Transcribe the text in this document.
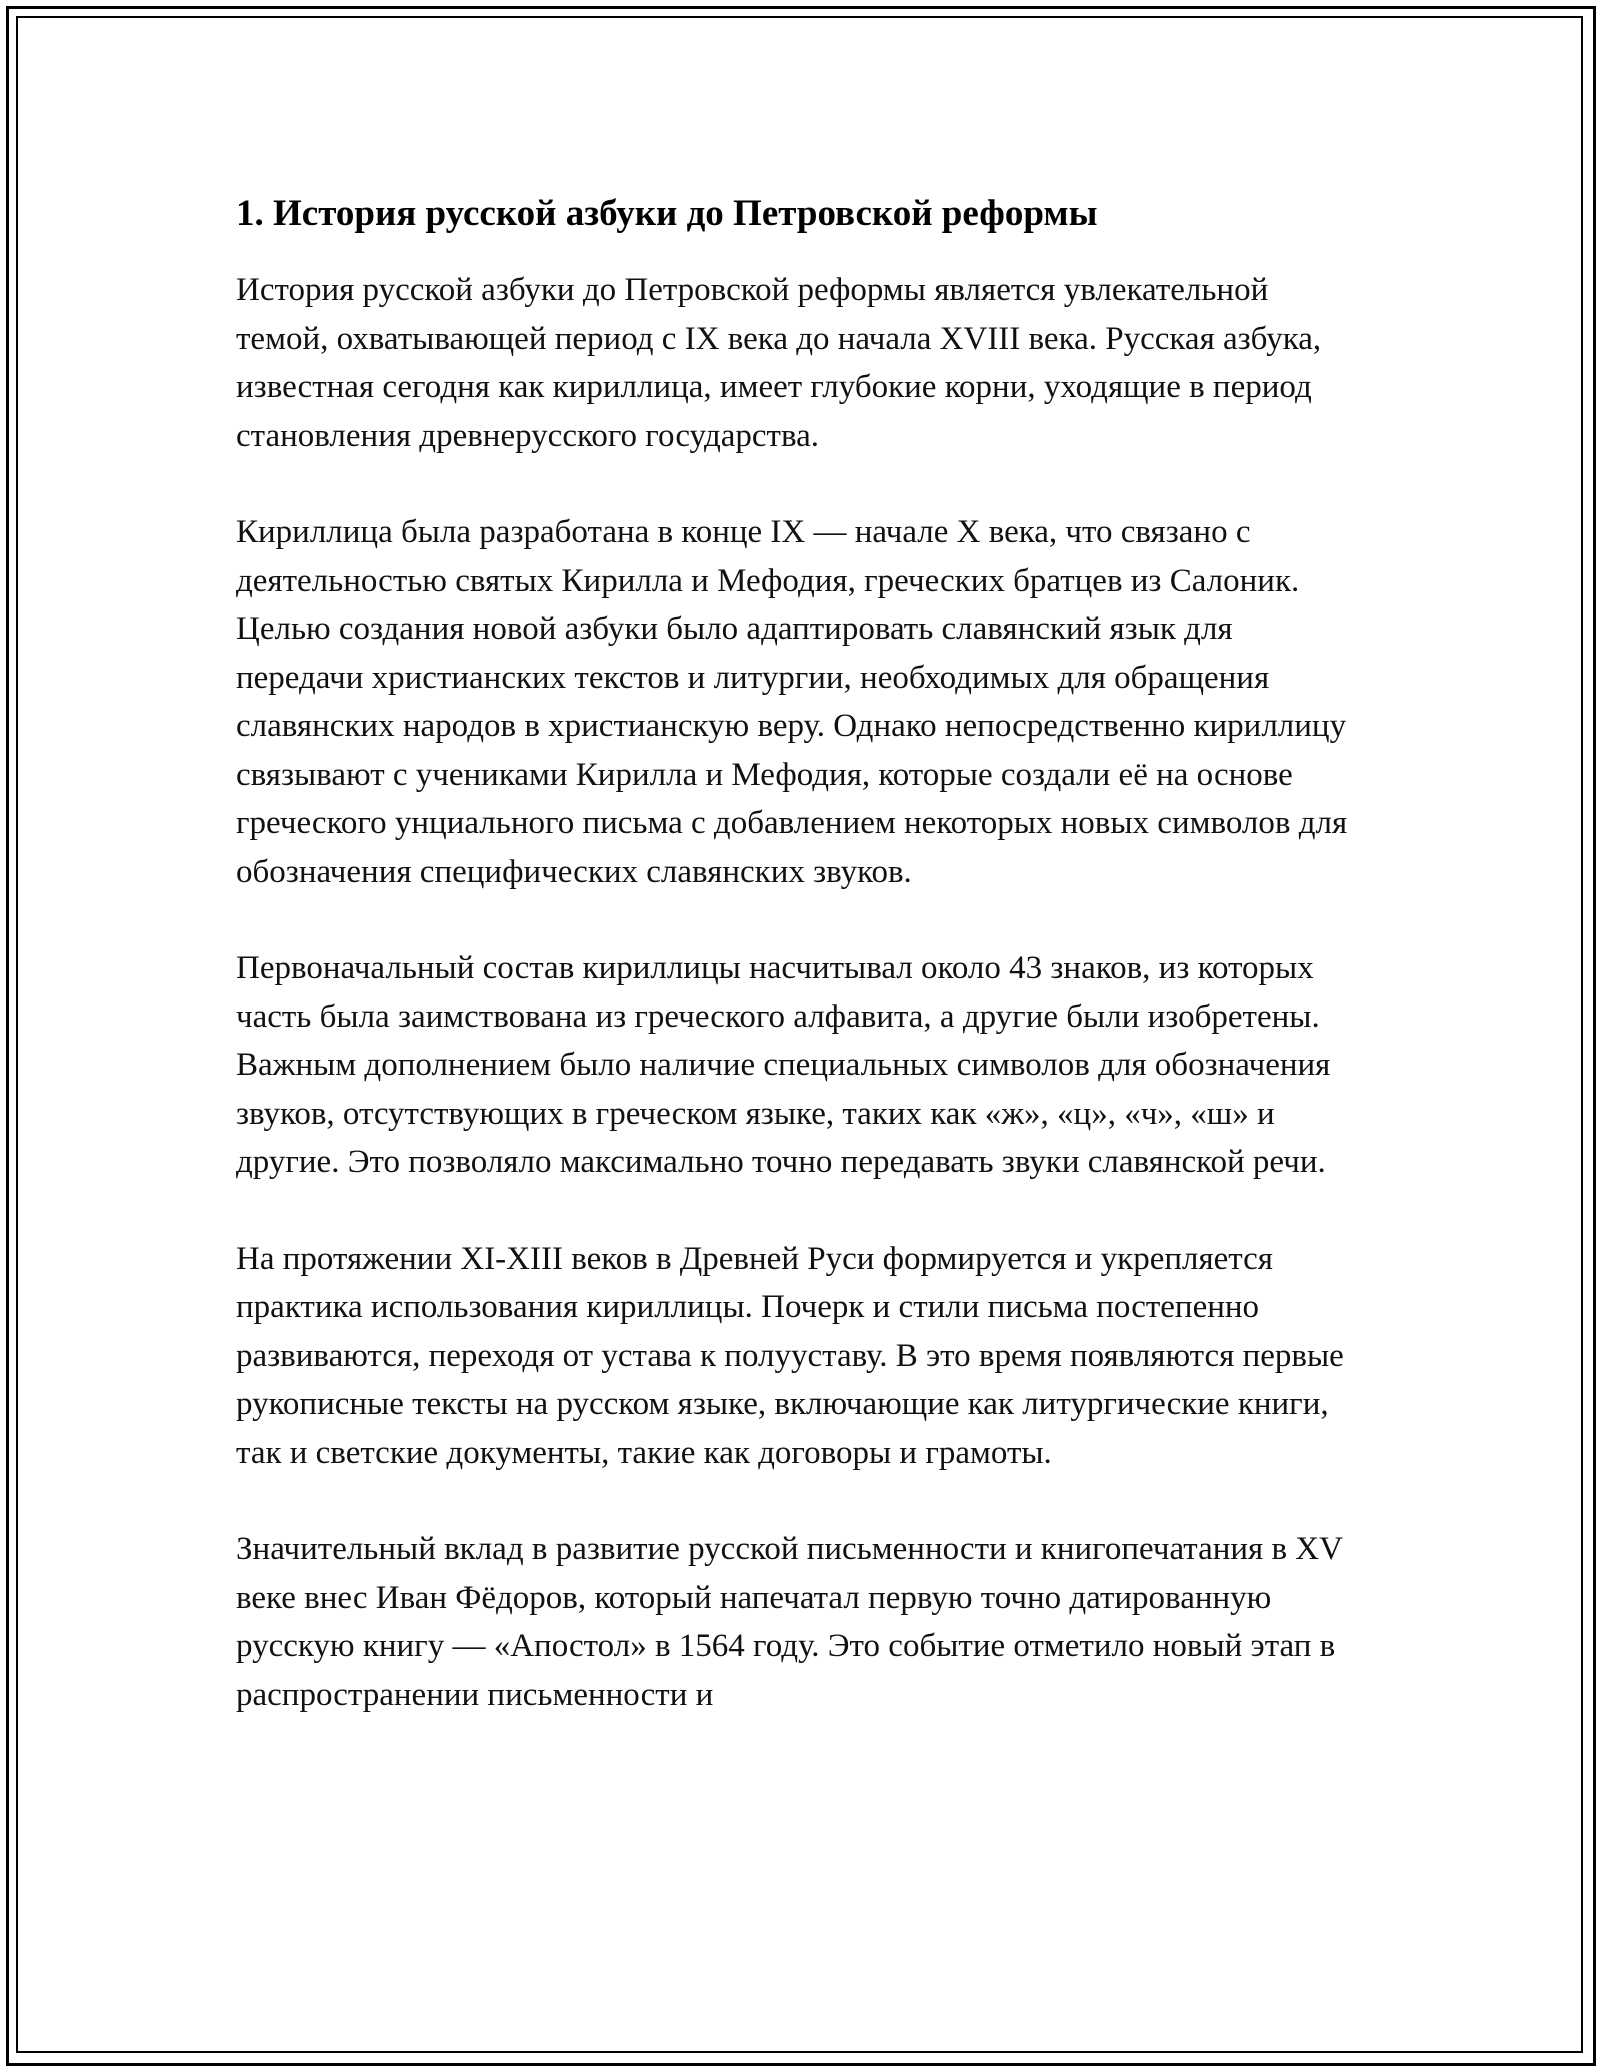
1. История русской азбуки до Петровской реформы

История русской азбуки до Петровской реформы является увлекательной темой, охватывающей период с IX века до начала XVIII века. Русская азбука, известная сегодня как кириллица, имеет глубокие корни, уходящие в период становления древнерусского государства.

Кириллица была разработана в конце IX — начале X века, что связано с деятельностью святых Кирилла и Мефодия, греческих братцев из Салоник. Целью создания новой азбуки было адаптировать славянский язык для передачи христианских текстов и литургии, необходимых для обращения славянских народов в христианскую веру. Однако непосредственно кириллицу связывают с учениками Кирилла и Мефодия, которые создали её на основе греческого унциального письма с добавлением некоторых новых символов для обозначения специфических славянских звуков.

Первоначальный состав кириллицы насчитывал около 43 знаков, из которых часть была заимствована из греческого алфавита, а другие были изобретены. Важным дополнением было наличие специальных символов для обозначения звуков, отсутствующих в греческом языке, таких как «ж», «ц», «ч», «ш» и другие. Это позволяло максимально точно передавать звуки славянской речи.

На протяжении XI-XIII веков в Древней Руси формируется и укрепляется практика использования кириллицы. Почерк и стили письма постепенно развиваются, переходя от устава к полууставу. В это время появляются первые рукописные тексты на русском языке, включающие как литургические книги, так и светские документы, такие как договоры и грамоты.

Значительный вклад в развитие русской письменности и книгопечатания в XV веке внес Иван Фёдоров, который напечатал первую точно датированную русскую книгу — «Апостол» в 1564 году. Это событие отметило новый этап в распространении письменности и
